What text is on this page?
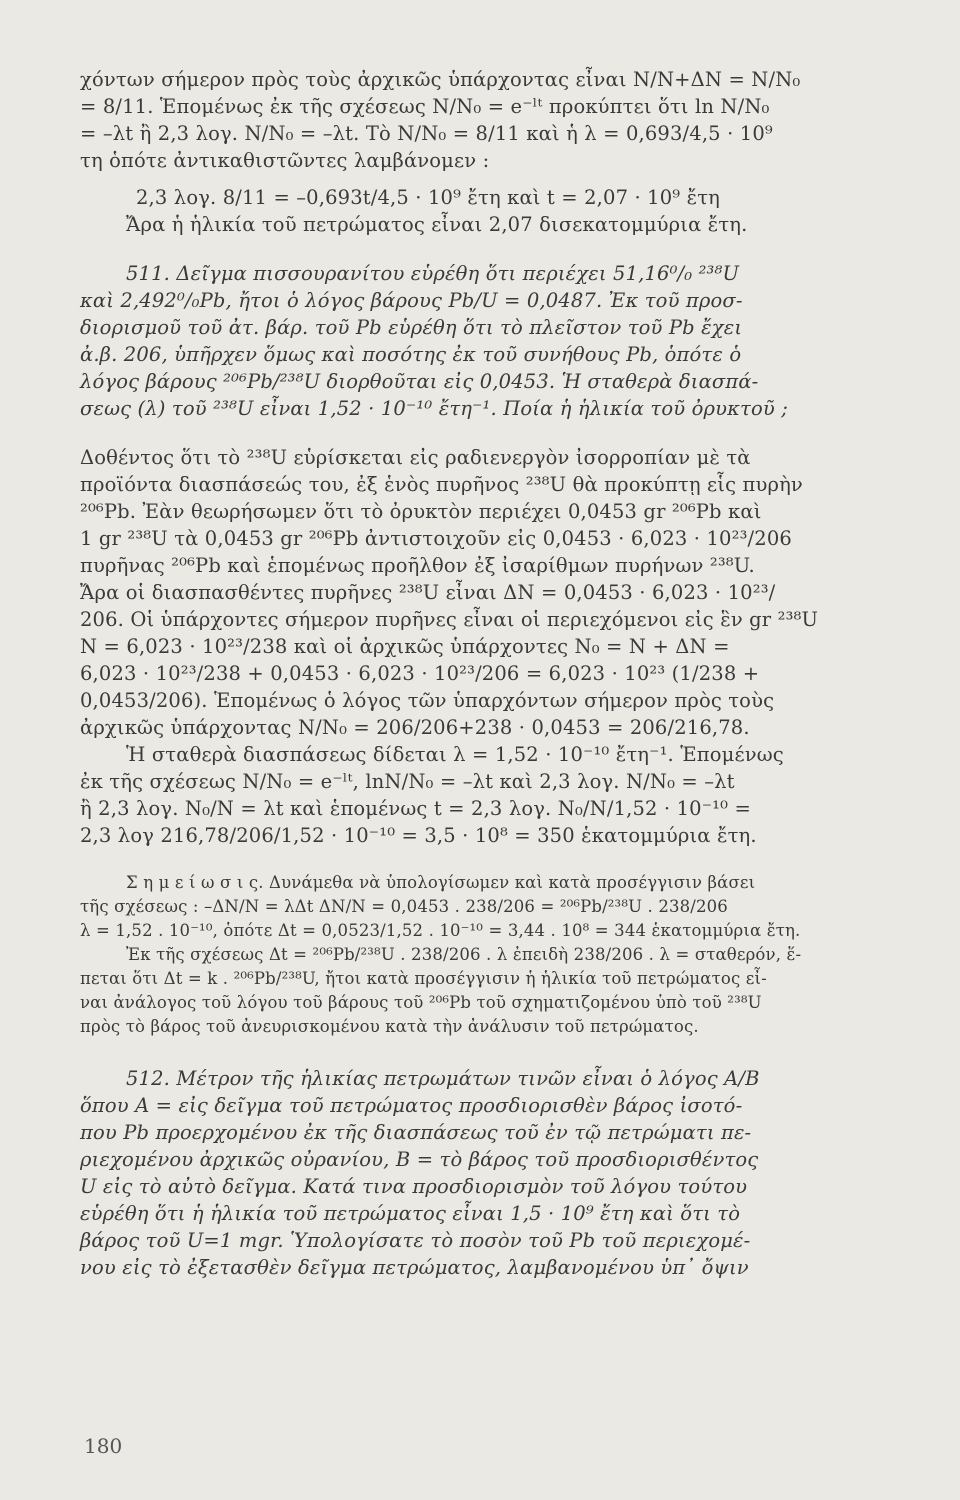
χόντων σήμερον πρὸς τοὺς ἀρχικῶς ὑπάρχοντας εἶναι N/N+ΔN = N/N₀
= 8/11. Ἑπομένως ἐκ τῆς σχέσεως N/N₀ = e⁻ˡᵗ προκύπτει ὅτι ln N/N₀
= –λt ἢ 2,3 λογ. N/N₀ = –λt. Τὸ N/N₀ = 8/11 καὶ ἡ λ = 0,693/4,5 · 10⁹
τη ὁπότε ἀντικαθιστῶντες λαμβάνομεν :
2,3 λογ. 8/11 = –0,693t/4,5 · 10⁹ ἔτη καὶ t = 2,07 · 10⁹ ἔτη
Ἄρα ἡ ἡλικία τοῦ πετρώματος εἶναι 2,07 δισεκατομμύρια ἔτη.
511. Δεῖγμα πισσουρανίτου εὑρέθη ὅτι περιέχει 51,16⁰/₀ ²³⁸U
καὶ 2,492⁰/₀Pb, ἤτοι ὁ λόγος βάρους Pb/U = 0,0487. Ἐκ τοῦ προσ-
διορισμοῦ τοῦ ἀτ. βάρ. τοῦ Pb εὑρέθη ὅτι τὸ πλεῖστον τοῦ Pb ἔχει
ἀ.β. 206, ὑπῆρχεν ὅμως καὶ ποσότης ἐκ τοῦ συνήθους Pb, ὁπότε ὁ
λόγος βάρους ²⁰⁶Pb/²³⁸U διορθοῦται εἰς 0,0453. Ἡ σταθερὰ διασπά-
σεως (λ) τοῦ ²³⁸U εἶναι 1,52 · 10⁻¹⁰ ἔτη⁻¹. Ποία ἡ ἡλικία τοῦ ὀρυκτοῦ ;
Δοθέντος ὅτι τὸ ²³⁸U εὑρίσκεται εἰς ραδιενεργὸν ἰσορροπίαν μὲ τὰ
προϊόντα διασπάσεώς του, ἐξ ἑνὸς πυρῆνος ²³⁸U θὰ προκύπτῃ εἷς πυρὴν
²⁰⁶Pb. Ἐὰν θεωρήσωμεν ὅτι τὸ ὀρυκτὸν περιέχει 0,0453 gr ²⁰⁶Pb καὶ
1 gr ²³⁸U τὰ 0,0453 gr ²⁰⁶Pb ἀντιστοιχοῦν εἰς 0,0453 · 6,023 · 10²³/206
πυρῆνας ²⁰⁶Pb καὶ ἑπομένως προῆλθον ἐξ ἰσαρίθμων πυρήνων ²³⁸U.
Ἄρα οἱ διασπασθέντες πυρῆνες ²³⁸U εἶναι ΔN = 0,0453 · 6,023 · 10²³/
206. Οἱ ὑπάρχοντες σήμερον πυρῆνες εἶναι οἱ περιεχόμενοι εἰς ἓν gr ²³⁸U
N = 6,023 · 10²³/238 καὶ οἱ ἀρχικῶς ὑπάρχοντες N₀ = N + ΔN =
6,023 · 10²³/238 + 0,0453 · 6,023 · 10²³/206 = 6,023 · 10²³ (1/238 +
0,0453/206). Ἑπομένως ὁ λόγος τῶν ὑπαρχόντων σήμερον πρὸς τοὺς
ἀρχικῶς ὑπάρχοντας N/N₀ = 206/206+238 · 0,0453 = 206/216,78.
Ἡ σταθερὰ διασπάσεως δίδεται λ = 1,52 · 10⁻¹⁰ ἔτη⁻¹. Ἑπομένως
ἐκ τῆς σχέσεως N/N₀ = e⁻ˡᵗ, lnN/N₀ = –λt καὶ 2,3 λογ. N/N₀ = –λt
ἢ 2,3 λογ. N₀/N = λt καὶ ἑπομένως t = 2,3 λογ. N₀/N/1,52 · 10⁻¹⁰ =
2,3 λογ 216,78/206/1,52 · 10⁻¹⁰ = 3,5 · 10⁸ = 350 ἑκατομμύρια ἔτη.
Σ η μ ε ί ω σ ι ς. Δυνάμεθα νὰ ὑπολογίσωμεν καὶ κατὰ προσέγγισιν βάσει
τῆς σχέσεως : –ΔN/N = λΔt ΔN/N = 0,0453 . 238/206 = ²⁰⁶Pb/²³⁸U . 238/206
λ = 1,52 . 10⁻¹⁰, ὁπότε Δt = 0,0523/1,52 . 10⁻¹⁰ = 3,44 . 10⁸ = 344 ἑκατομμύρια ἔτη.
Ἐκ τῆς σχέσεως Δt = ²⁰⁶Pb/²³⁸U . 238/206 . λ ἐπειδὴ 238/206 . λ = σταθερόν, ἕ-
πεται ὅτι Δt = k . ²⁰⁶Pb/²³⁸U, ἤτοι κατὰ προσέγγισιν ἡ ἡλικία τοῦ πετρώματος εἶ-
ναι ἀνάλογος τοῦ λόγου τοῦ βάρους τοῦ ²⁰⁶Pb τοῦ σχηματιζομένου ὑπὸ τοῦ ²³⁸U
πρὸς τὸ βάρος τοῦ ἀνευρισκομένου κατὰ τὴν ἀνάλυσιν τοῦ πετρώματος.
512. Μέτρον τῆς ἡλικίας πετρωμάτων τινῶν εἶναι ὁ λόγος A/B
ὅπου A = εἰς δεῖγμα τοῦ πετρώματος προσδιορισθὲν βάρος ἰσοτό-
που Pb προερχομένου ἐκ τῆς διασπάσεως τοῦ ἐν τῷ πετρώματι πε-
ριεχομένου ἀρχικῶς οὐρανίου, B = τὸ βάρος τοῦ προσδιορισθέντος
U εἰς τὸ αὐτὸ δεῖγμα. Κατά τινα προσδιορισμὸν τοῦ λόγου τούτου
εὑρέθη ὅτι ἡ ἡλικία τοῦ πετρώματος εἶναι 1,5 · 10⁹ ἔτη καὶ ὅτι τὸ
βάρος τοῦ U=1 mgr. Ὑπολογίσατε τὸ ποσὸν τοῦ Pb τοῦ περιεχομέ-
νου εἰς τὸ ἐξετασθὲν δεῖγμα πετρώματος, λαμβανομένου ὑπ᾿ ὄψιν
180
